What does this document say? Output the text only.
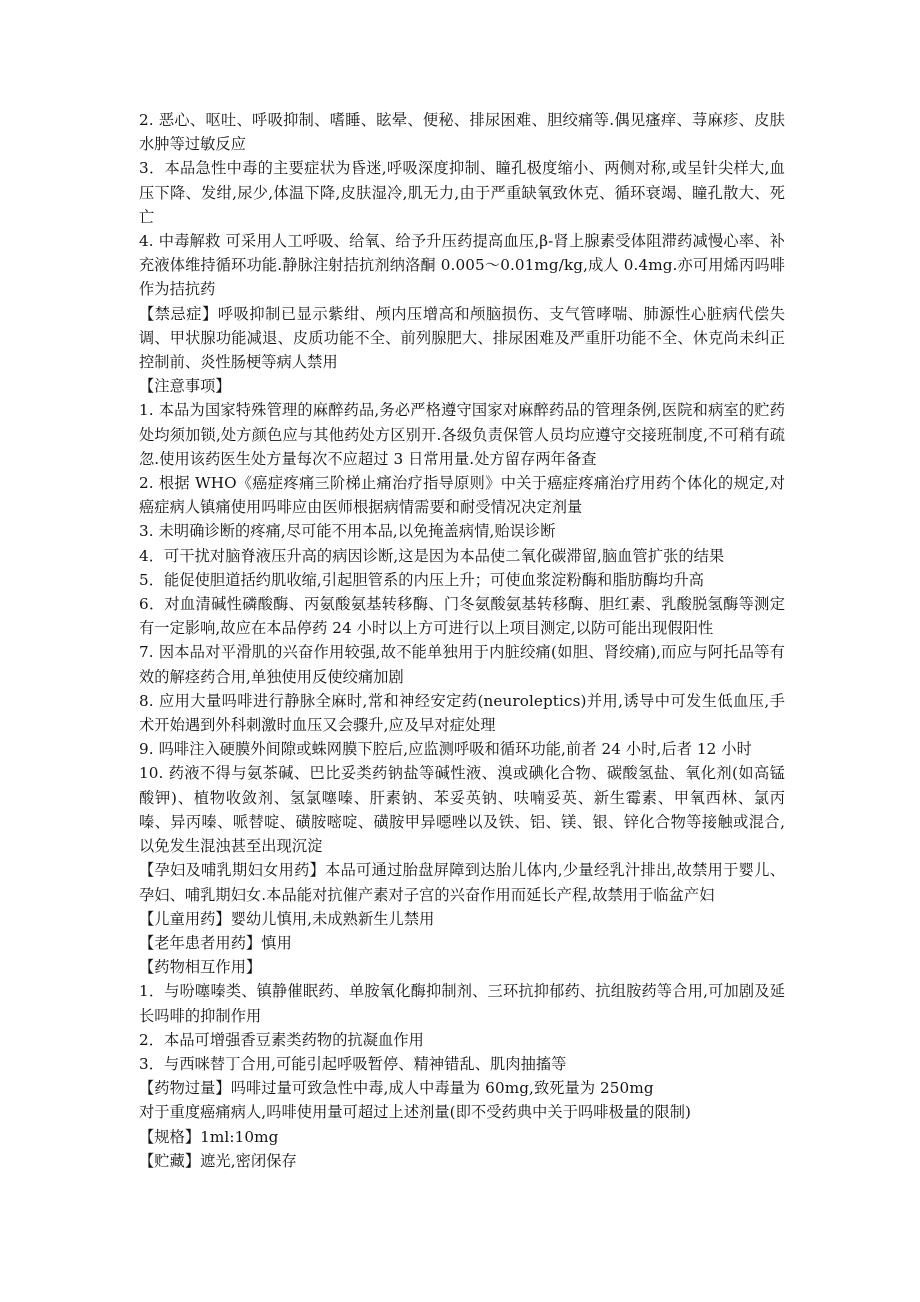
2. 恶心、呕吐、呼吸抑制、嗜睡、眩晕、便秘、排尿困难、胆绞痛等.偶见瘙痒、荨麻疹、皮肤水肿等过敏反应

3．本品急性中毒的主要症状为昏迷,呼吸深度抑制、瞳孔极度缩小、两侧对称,或呈针尖样大,血压下降、发绀,尿少,体温下降,皮肤湿冷,肌无力,由于严重缺氧致休克、循环衰竭、瞳孔散大、死亡

4. 中毒解救 可采用人工呼吸、给氧、给予升压药提高血压,β-肾上腺素受体阻滞药减慢心率、补充液体维持循环功能.静脉注射拮抗剂纳洛酮 0.005～0.01mg/kg,成人 0.4mg.亦可用烯丙吗啡作为拮抗药

【禁忌症】呼吸抑制已显示紫绀、颅内压增高和颅脑损伤、支气管哮喘、肺源性心脏病代偿失调、甲状腺功能减退、皮质功能不全、前列腺肥大、排尿困难及严重肝功能不全、休克尚未纠正控制前、炎性肠梗等病人禁用

【注意事项】

1. 本品为国家特殊管理的麻醉药品,务必严格遵守国家对麻醉药品的管理条例,医院和病室的贮药处均须加锁,处方颜色应与其他药处方区别开.各级负责保管人员均应遵守交接班制度,不可稍有疏忽.使用该药医生处方量每次不应超过 3 日常用量.处方留存两年备查

2. 根据 WHO《癌症疼痛三阶梯止痛治疗指导原则》中关于癌症疼痛治疗用药个体化的规定,对癌症病人镇痛使用吗啡应由医师根据病情需要和耐受情况决定剂量

3. 未明确诊断的疼痛,尽可能不用本品,以免掩盖病情,贻误诊断

4．可干扰对脑脊液压升高的病因诊断,这是因为本品使二氧化碳滞留,脑血管扩张的结果

5．能促使胆道括约肌收缩,引起胆管系的内压上升；可使血浆淀粉酶和脂肪酶均升高

6．对血清碱性磷酸酶、丙氨酸氨基转移酶、门冬氨酸氨基转移酶、胆红素、乳酸脱氢酶等测定有一定影响,故应在本品停药 24 小时以上方可进行以上项目测定,以防可能出现假阳性

7. 因本品对平滑肌的兴奋作用较强,故不能单独用于内脏绞痛(如胆、肾绞痛),而应与阿托品等有效的解痉药合用,单独使用反使绞痛加剧

8. 应用大量吗啡进行静脉全麻时,常和神经安定药(neuroleptics)并用,诱导中可发生低血压,手术开始遇到外科刺激时血压又会骤升,应及早对症处理

9. 吗啡注入硬膜外间隙或蛛网膜下腔后,应监测呼吸和循环功能,前者 24 小时,后者 12 小时

10. 药液不得与氨茶碱、巴比妥类药钠盐等碱性液、溴或碘化合物、碳酸氢盐、氧化剂(如高锰酸钾)、植物收敛剂、氢氯噻嗪、肝素钠、苯妥英钠、呋喃妥英、新生霉素、甲氧西林、氯丙嗪、异丙嗪、哌替啶、磺胺嘧啶、磺胺甲异噁唑以及铁、铝、镁、银、锌化合物等接触或混合,以免发生混浊甚至出现沉淀

【孕妇及哺乳期妇女用药】本品可通过胎盘屏障到达胎儿体内,少量经乳汁排出,故禁用于婴儿、孕妇、哺乳期妇女.本品能对抗催产素对子宫的兴奋作用而延长产程,故禁用于临盆产妇

【儿童用药】婴幼儿慎用,未成熟新生儿禁用

【老年患者用药】慎用

【药物相互作用】

1．与吩噻嗪类、镇静催眠药、单胺氧化酶抑制剂、三环抗抑郁药、抗组胺药等合用,可加剧及延长吗啡的抑制作用

2．本品可增强香豆素类药物的抗凝血作用

3．与西咪替丁合用,可能引起呼吸暂停、精神错乱、肌肉抽搐等

【药物过量】吗啡过量可致急性中毒,成人中毒量为 60mg,致死量为 250mg

对于重度癌痛病人,吗啡使用量可超过上述剂量(即不受药典中关于吗啡极量的限制)

【规格】1ml:10mg

【贮藏】遮光,密闭保存
